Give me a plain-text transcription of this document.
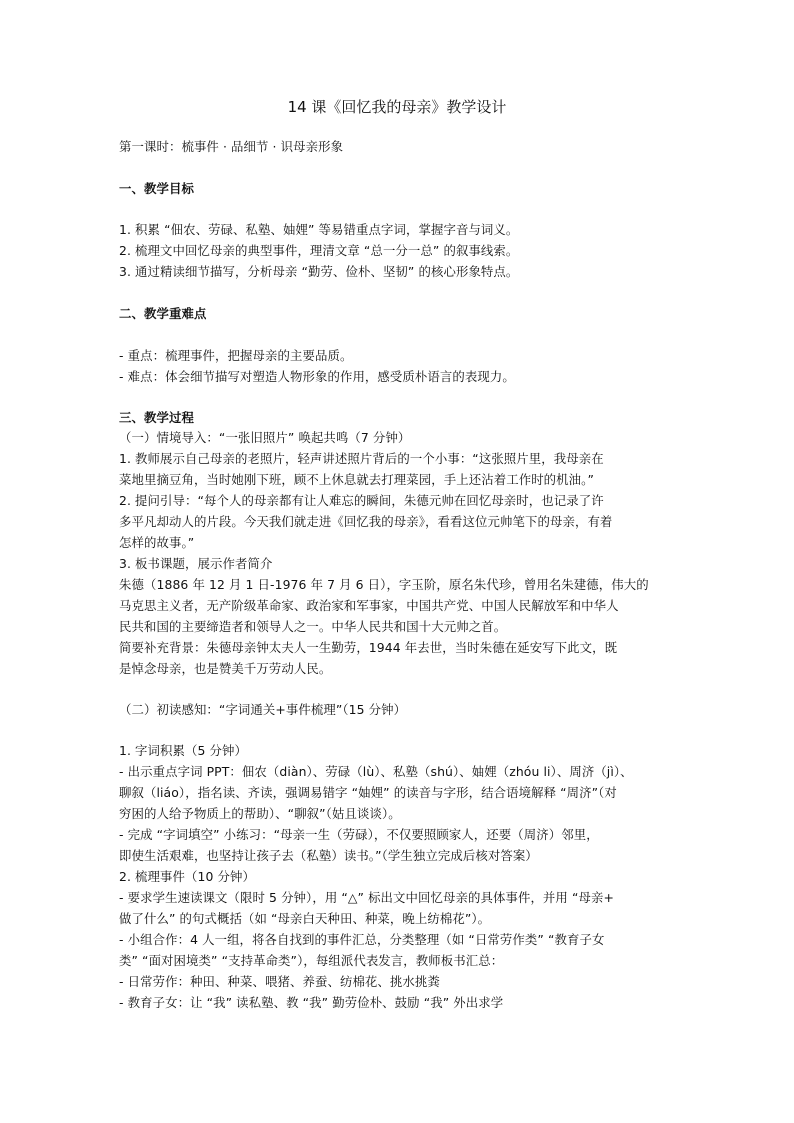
14 课《回忆我的母亲》教学设计
第一课时：梳事件 · 品细节 · 识母亲形象
一、教学目标
1. 积累 “佃农、劳碌、私塾、妯娌” 等易错重点字词，掌握字音与词义。
2. 梳理文中回忆母亲的典型事件，理清文章 “总一分一总” 的叙事线索。
3. 通过精读细节描写，分析母亲 “勤劳、俭朴、坚韧” 的核心形象特点。
二、教学重难点
- 重点：梳理事件，把握母亲的主要品质。
- 难点：体会细节描写对塑造人物形象的作用，感受质朴语言的表现力。
三、教学过程
（一）情境导入：“一张旧照片” 唤起共鸣（7 分钟）
1. 教师展示自己母亲的老照片，轻声讲述照片背后的一个小事：“这张照片里，我母亲在
菜地里摘豆角，当时她刚下班，顾不上休息就去打理菜园，手上还沾着工作时的机油。”
2. 提问引导：“每个人的母亲都有让人难忘的瞬间，朱德元帅在回忆母亲时，也记录了许
多平凡却动人的片段。今天我们就走进《回忆我的母亲》，看看这位元帅笔下的母亲，有着
怎样的故事。”
3. 板书课题，展示作者简介
朱德（1886 年 12 月 1 日-1976 年 7 月 6 日），字玉阶，原名朱代珍，曾用名朱建德，伟大的
马克思主义者，无产阶级革命家、政治家和军事家，中国共产党、中国人民解放军和中华人
民共和国的主要缔造者和领导人之一。中华人民共和国十大元帅之首。
简要补充背景：朱德母亲钟太夫人一生勤劳，1944 年去世，当时朱德在延安写下此文，既
是悼念母亲，也是赞美千万劳动人民。
（二）初读感知：“字词通关+事件梳理”（15 分钟）
1. 字词积累（5 分钟）
- 出示重点字词 PPT：佃农（diàn）、劳碌（lù）、私塾（shú）、妯娌（zhóu li）、周济（jì）、
聊叙（liáo），指名读、齐读，强调易错字 “妯娌” 的读音与字形，结合语境解释 “周济”（对
穷困的人给予物质上的帮助）、“聊叙”（姑且谈谈）。
- 完成 “字词填空” 小练习：“母亲一生（劳碌），不仅要照顾家人，还要（周济）邻里，
即使生活艰难，也坚持让孩子去（私塾）读书。”（学生独立完成后核对答案）
2. 梳理事件（10 分钟）
- 要求学生速读课文（限时 5 分钟），用 “△” 标出文中回忆母亲的具体事件，并用 “母亲+
做了什么” 的句式概括（如 “母亲白天种田、种菜，晚上纺棉花”）。
- 小组合作：4 人一组，将各自找到的事件汇总，分类整理（如 “日常劳作类” “教育子女
类” “面对困境类” “支持革命类”），每组派代表发言，教师板书汇总：
- 日常劳作：种田、种菜、喂猪、养蚕、纺棉花、挑水挑粪
- 教育子女：让 “我” 读私塾、教 “我” 勤劳俭朴、鼓励 “我” 外出求学
